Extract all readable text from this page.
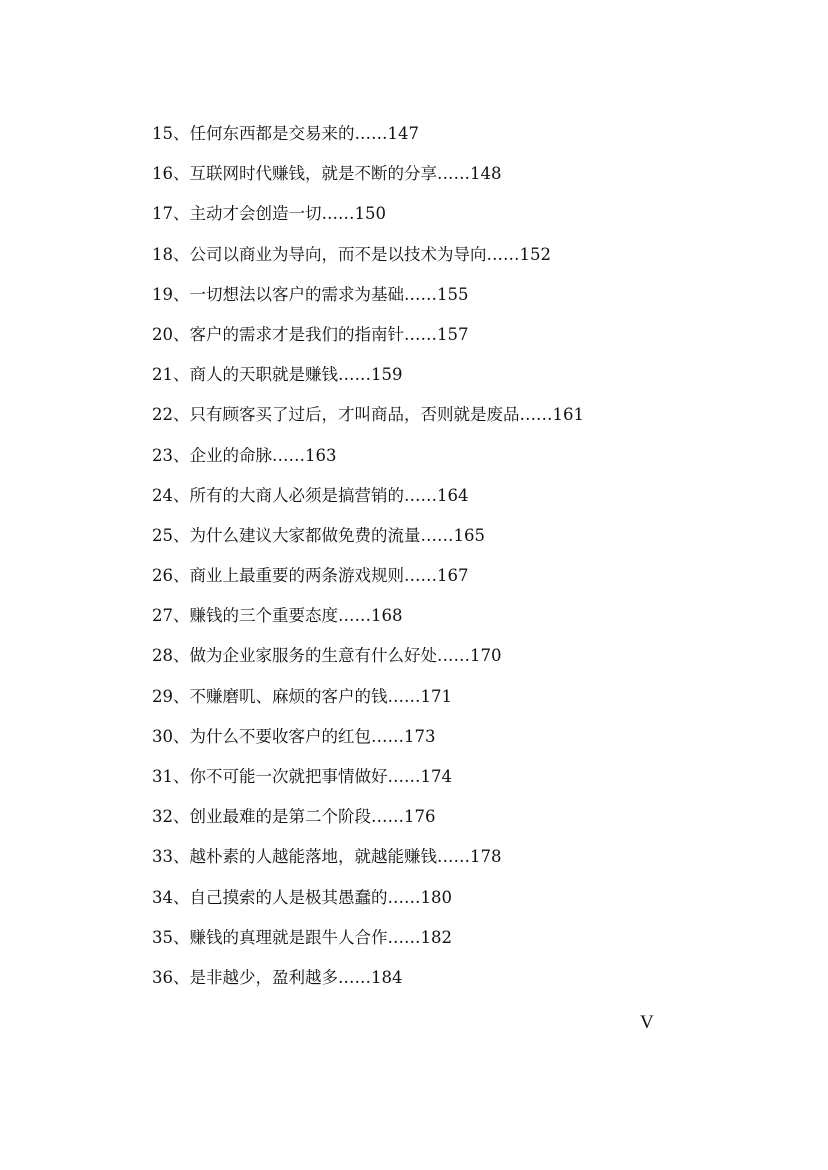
15、任何东西都是交易来的……147
16、互联网时代赚钱，就是不断的分享……148
17、主动才会创造一切……150
18、公司以商业为导向，而不是以技术为导向……152
19、一切想法以客户的需求为基础……155
20、客户的需求才是我们的指南针……157
21、商人的天职就是赚钱……159
22、只有顾客买了过后，才叫商品，否则就是废品……161
23、企业的命脉……163
24、所有的大商人必须是搞营销的……164
25、为什么建议大家都做免费的流量……165
26、商业上最重要的两条游戏规则……167
27、赚钱的三个重要态度……168
28、做为企业家服务的生意有什么好处……170
29、不赚磨叽、麻烦的客户的钱……171
30、为什么不要收客户的红包……173
31、你不可能一次就把事情做好……174
32、创业最难的是第二个阶段……176
33、越朴素的人越能落地，就越能赚钱……178
34、自己摸索的人是极其愚蠢的……180
35、赚钱的真理就是跟牛人合作……182
36、是非越少，盈利越多……184
V
